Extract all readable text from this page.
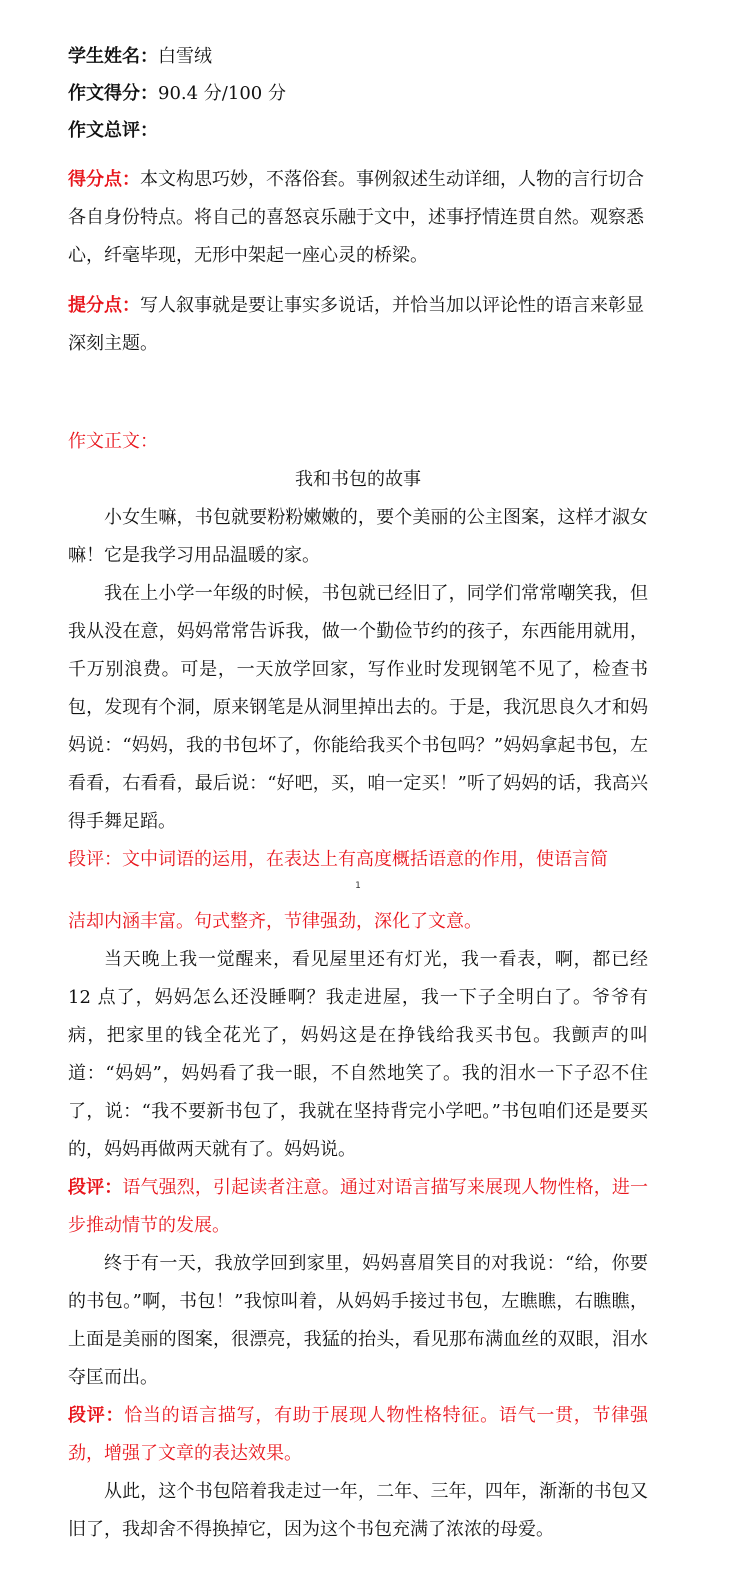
学生姓名：白雪绒
作文得分：90.4 分/100 分
作文总评：
得分点：本文构思巧妙，不落俗套。事例叙述生动详细，人物的言行切合各自身份特点。将自己的喜怒哀乐融于文中，述事抒情连贯自然。观察悉心，纤毫毕现，无形中架起一座心灵的桥梁。
提分点：写人叙事就是要让事实多说话，并恰当加以评论性的语言来彰显深刻主题。
作文正文：
我和书包的故事
小女生嘛，书包就要粉粉嫩嫩的，要个美丽的公主图案，这样才淑女嘛！它是我学习用品温暖的家。
我在上小学一年级的时候，书包就已经旧了，同学们常常嘲笑我，但我从没在意，妈妈常常告诉我，做一个勤俭节约的孩子，东西能用就用，千万别浪费。可是，一天放学回家，写作业时发现钢笔不见了，检查书包，发现有个洞，原来钢笔是从洞里掉出去的。于是，我沉思良久才和妈妈说：“妈妈，我的书包坏了，你能给我买个书包吗？”妈妈拿起书包，左看看，右看看，最后说：“好吧，买，咱一定买！”听了妈妈的话，我高兴得手舞足蹈。
段评：文中词语的运用，在表达上有高度概括语意的作用，使语言简
1
洁却内涵丰富。句式整齐，节律强劲，深化了文意。
当天晚上我一觉醒来，看见屋里还有灯光，我一看表，啊，都已经 12 点了，妈妈怎么还没睡啊？我走进屋，我一下子全明白了。爷爷有病，把家里的钱全花光了，妈妈这是在挣钱给我买书包。我颤声的叫道：“妈妈”，妈妈看了我一眼，不自然地笑了。我的泪水一下子忍不住了，说：“我不要新书包了，我就在坚持背完小学吧。”书包咱们还是要买的，妈妈再做两天就有了。妈妈说。
段评：语气强烈，引起读者注意。通过对语言描写来展现人物性格，进一步推动情节的发展。
终于有一天，我放学回到家里，妈妈喜眉笑目的对我说：“给，你要的书包。”啊，书包！”我惊叫着，从妈妈手接过书包，左瞧瞧，右瞧瞧，上面是美丽的图案，很漂亮，我猛的抬头，看见那布满血丝的双眼，泪水夺匡而出。
段评：恰当的语言描写，有助于展现人物性格特征。语气一贯，节律强劲，增强了文章的表达效果。
从此，这个书包陪着我走过一年，二年、三年，四年，渐渐的书包又旧了，我却舍不得换掉它，因为这个书包充满了浓浓的母爱。
